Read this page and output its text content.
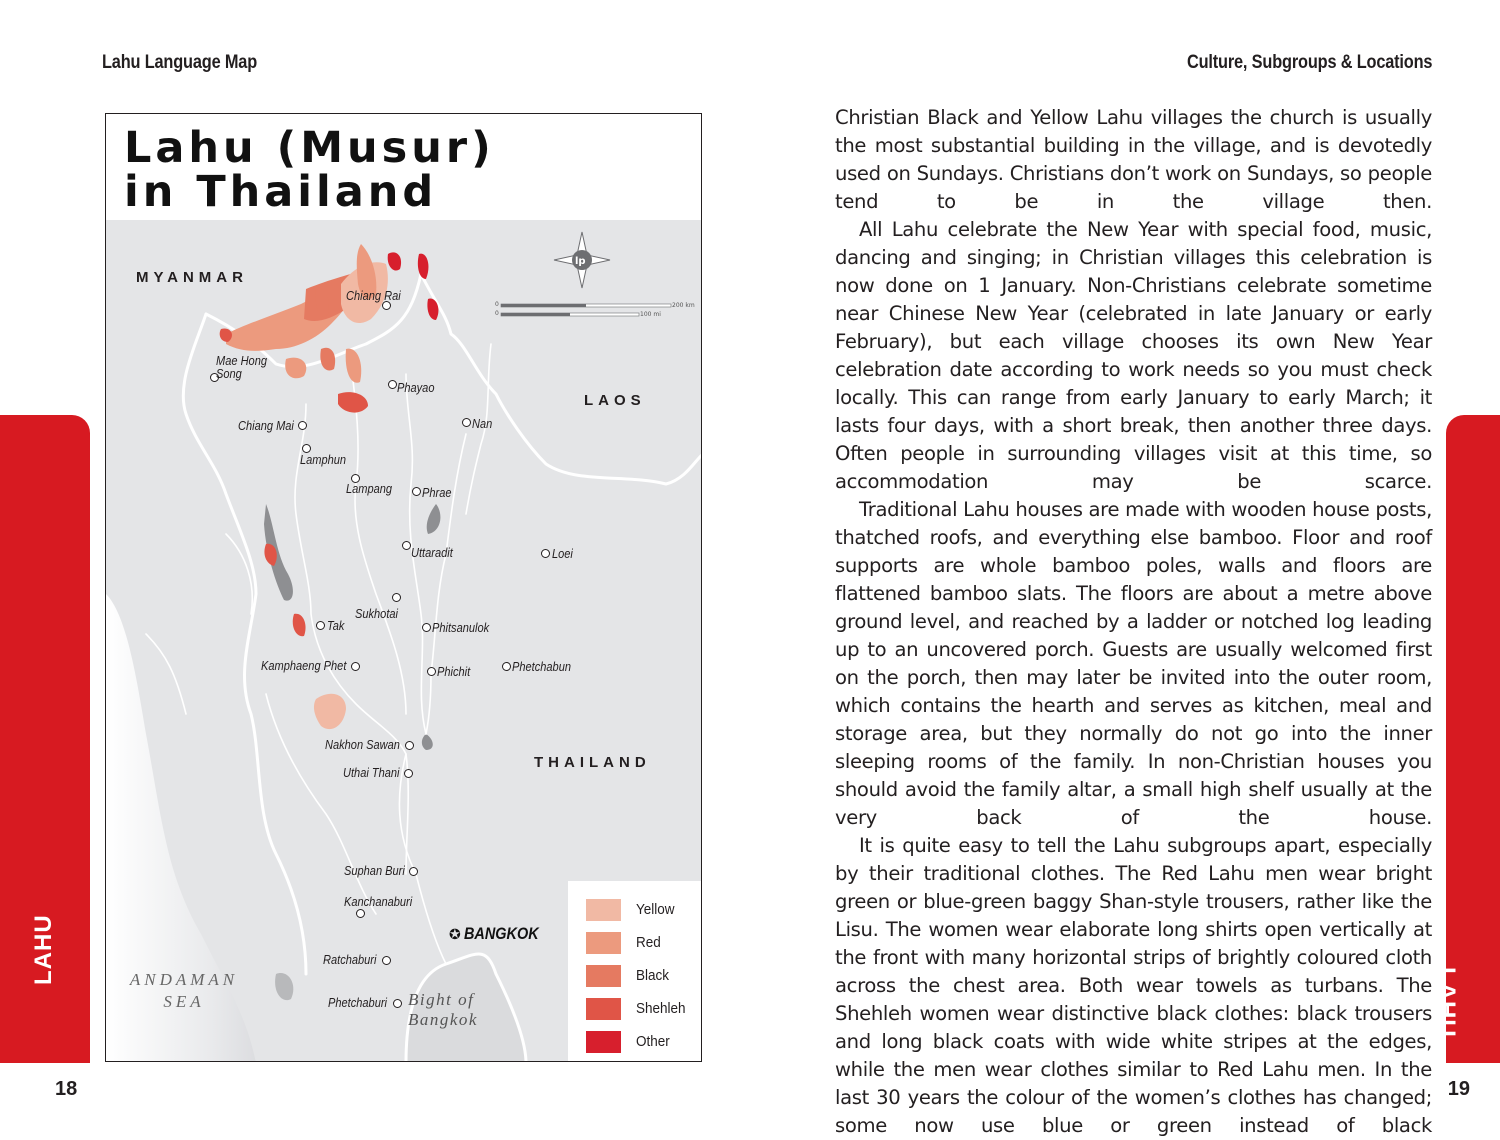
Lahu Language Map	Culture, Subgroups & Locations
LAHU
LAHU
18	19
Lahu (Musur)
in Thailand
lp
0
0
200 km
100 mi
MYANMAR
LAOS
THAILAND
Chiang Rai
Mae Hong Song
Phayao
Chiang Mai	Nan
Lamphun
Lampang Phrae
Uttaradit	Loei
Sukhotai
Tak	Phitsanulok
Kamphaeng Phet	Phichit	Phetchabun
Nakhon Sawan
Uthai Thani
Suphan Buri
Kanchanaburi
Ratchaburi
Phetchaburi
✪ BANGKOK
ANDAMAN SEA	Bight of Bangkok
Yellow
Red
Black
Shehleh
Other

Christian Black and Yellow Lahu villages the church is usually the most substantial building in the village, and is devotedly used on Sundays. Christians don’t work on Sundays, so people tend to be in the village then.

All Lahu celebrate the New Year with special food, music, dancing and singing; in Christian villages this celebration is now done on 1 January. Non-Christians celebrate sometime near Chinese New Year (celebrated in late January or early February), but each village chooses its own New Year celebration date according to work needs so you must check locally. This can range from early January to early March; it lasts four days, with a short break, then another three days. Often people in surrounding villages visit at this time, so accommodation may be scarce.

Traditional Lahu houses are made with wooden house posts, thatched roofs, and everything else bamboo. Floor and roof supports are whole bamboo poles, walls and floors are flattened bamboo slats. The floors are about a metre above ground level, and reached by a ladder or notched log leading up to an uncovered porch. Guests are usually welcomed first on the porch, then may later be invited into the outer room, which contains the hearth and serves as kitchen, meal and storage area, but they normally do not go into the inner sleeping rooms of the family. In non-Christian houses you should avoid the family altar, a small high shelf usually at the very back of the house.

It is quite easy to tell the Lahu subgroups apart, especially by their traditional clothes. The Red Lahu men wear bright green or blue-green baggy Shan-style trousers, rather like the Lisu. The women wear elaborate long shirts open vertically at the front with many horizontal strips of brightly coloured cloth across the chest area. Both wear towels as turbans. The Shehleh women wear distinctive black clothes: black trousers and long black coats with wide white stripes at the edges, while the men wear clothes similar to Red Lahu men. In the last 30 years the colour of the women’s clothes has changed; some now use blue or green instead of black
